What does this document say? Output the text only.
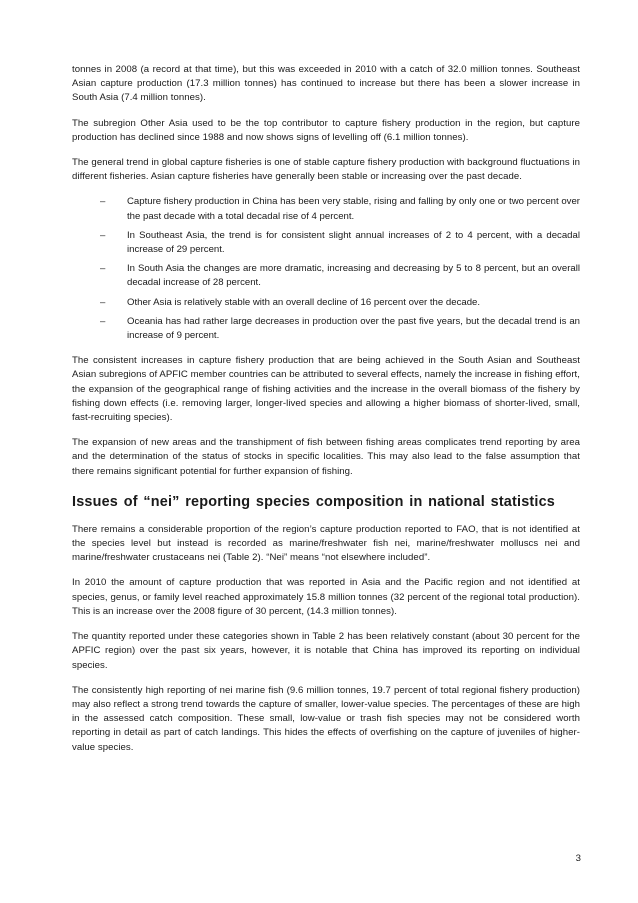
tonnes in 2008 (a record at that time), but this was exceeded in 2010 with a catch of 32.0 million tonnes. Southeast Asian capture production (17.3 million tonnes) has continued to increase but there has been a slower increase in South Asia (7.4 million tonnes).

The subregion Other Asia used to be the top contributor to capture fishery production in the region, but capture production has declined since 1988 and now shows signs of levelling off (6.1 million tonnes).

The general trend in global capture fisheries is one of stable capture fishery production with background fluctuations in different fisheries. Asian capture fisheries have generally been stable or increasing over the past decade.

– Capture fishery production in China has been very stable, rising and falling by only one or two percent over the past decade with a total decadal rise of 4 percent.
– In Southeast Asia, the trend is for consistent slight annual increases of 2 to 4 percent, with a decadal increase of 29 percent.
– In South Asia the changes are more dramatic, increasing and decreasing by 5 to 8 percent, but an overall decadal increase of 28 percent.
– Other Asia is relatively stable with an overall decline of 16 percent over the decade.
– Oceania has had rather large decreases in production over the past five years, but the decadal trend is an increase of 9 percent.

The consistent increases in capture fishery production that are being achieved in the South Asian and Southeast Asian subregions of APFIC member countries can be attributed to several effects, namely the increase in fishing effort, the expansion of the geographical range of fishing activities and the increase in the overall biomass of the fishery by fishing down effects (i.e. removing larger, longer-lived species and allowing a higher biomass of shorter-lived, small, fast-recruiting species).

The expansion of new areas and the transhipment of fish between fishing areas complicates trend reporting by area and the determination of the status of stocks in specific localities. This may also lead to the false assumption that there remains significant potential for further expansion of fishing.

Issues of “nei” reporting species composition in national statistics

There remains a considerable proportion of the region’s capture production reported to FAO, that is not identified at the species level but instead is recorded as marine/freshwater fish nei, marine/freshwater molluscs nei and marine/freshwater crustaceans nei (Table 2). “Nei” means “not elsewhere included”.

In 2010 the amount of capture production that was reported in Asia and the Pacific region and not identified at species, genus, or family level reached approximately 15.8 million tonnes (32 percent of the regional total production). This is an increase over the 2008 figure of 30 percent, (14.3 million tonnes).

The quantity reported under these categories shown in Table 2 has been relatively constant (about 30 percent for the APFIC region) over the past six years, however, it is notable that China has improved its reporting on individual species.

The consistently high reporting of nei marine fish (9.6 million tonnes, 19.7 percent of total regional fishery production) may also reflect a strong trend towards the capture of smaller, lower-value species. The percentages of these are high in the assessed catch composition. These small, low-value or trash fish species may not be considered worth reporting in detail as part of catch landings. This hides the effects of overfishing on the capture of juveniles of higher-value species.

3
